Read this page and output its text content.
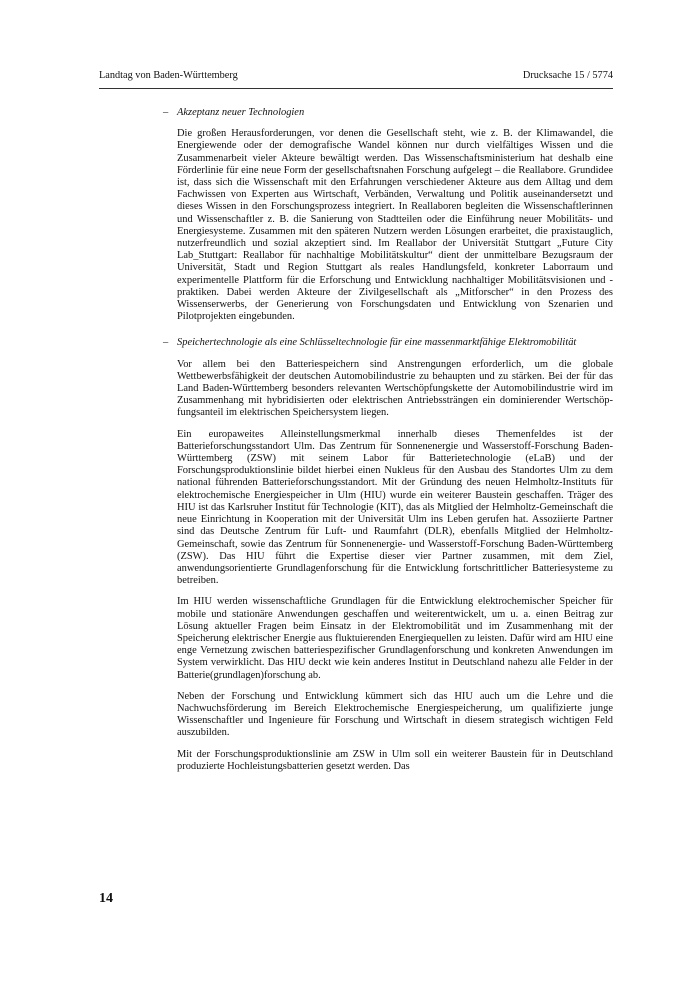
Landtag von Baden-Württemberg	Drucksache 15 / 5774
– Akzeptanz neuer Technologien

Die großen Herausforderungen, vor denen die Gesellschaft steht, wie z. B. der Klimawandel, die Energiewende oder der demografische Wandel können nur durch vielfältiges Wissen und die Zusammenarbeit vieler Akteure bewältigt werden. Das Wissenschaftsministerium hat deshalb eine Förderlinie für eine neue Form der gesellschaftsnahen Forschung aufgelegt – die Reallabore. Grundidee ist, dass sich die Wissenschaft mit den Erfahrungen verschiedener Akteure aus dem Alltag und dem Fachwissen von Experten aus Wirtschaft, Verbänden, Verwaltung und Politik auseinandersetzt und dieses Wissen in den Forschungsprozess integriert. In Reallaboren begleiten die Wissenschaftlerinnen und Wissenschaftler z. B. die Sanierung von Stadtteilen oder die Einführung neuer Mobilitäts- und Energiesysteme. Zusammen mit den späteren Nutzern werden Lösungen erarbeitet, die praxistauglich, nutzerfreundlich und sozial akzeptiert sind. Im Reallabor der Universität Stuttgart „Future City Lab_Stuttgart: Reallabor für nachhaltige Mobilitätskultur“ dient der unmittelbare Bezugsraum der Universität, Stadt und Region Stuttgart als reales Handlungsfeld, konkreter Laborraum und experimentelle Plattform für die Erforschung und Entwicklung nachhaltiger Mobilitätsvisionen und -praktiken. Dabei werden Akteure der Zivilgesellschaft als „Mitforscher“ in den Prozess des Wissenserwerbs, der Generierung von Forschungsdaten und Entwicklung von Szenarien und Pilotprojekten eingebunden.

– Speichertechnologie als eine Schlüsseltechnologie für eine massenmarktfähige Elektromobilität

Vor allem bei den Batteriespeichern sind Anstrengungen erforderlich, um die globale Wettbewerbsfähigkeit der deutschen Automobilindustrie zu behaupten und zu stärken. Bei der für das Land Baden-Württemberg besonders relevanten Wertschöpfungskette der Automobilindustrie wird im Zusammenhang mit hybridisierten oder elektrischen Antriebssträngen ein dominierender Wertschöpfungsanteil im elektrischen Speichersystem liegen.

Ein europaweites Alleinstellungsmerkmal innerhalb dieses Themenfeldes ist der Batterieforschungsstandort Ulm. Das Zentrum für Sonnenenergie und Wasserstoff-Forschung Baden-Württemberg (ZSW) mit seinem Labor für Batterietechnologie (eLaB) und der Forschungsproduktionslinie bildet hierbei einen Nukleus für den Ausbau des Standortes Ulm zu dem national führenden Batterieforschungsstandort. Mit der Gründung des neuen Helmholtz-Instituts für elektrochemische Energiespeicher in Ulm (HIU) wurde ein weiterer Baustein geschaffen. Träger des HIU ist das Karlsruher Institut für Technologie (KIT), das als Mitglied der Helmholtz-Gemeinschaft die neue Einrichtung in Kooperation mit der Universität Ulm ins Leben gerufen hat. Assoziierte Partner sind das Deutsche Zentrum für Luft- und Raumfahrt (DLR), ebenfalls Mitglied der Helmholtz-Gemeinschaft, sowie das Zentrum für Sonnenenergie- und Wasserstoff-Forschung Baden-Württemberg (ZSW). Das HIU führt die Expertise dieser vier Partner zusammen, mit dem Ziel, anwendungsorientierte Grundlagenforschung für die Entwicklung fortschrittlicher Batteriesysteme zu betreiben.

Im HIU werden wissenschaftliche Grundlagen für die Entwicklung elektrochemischer Speicher für mobile und stationäre Anwendungen geschaffen und weiterentwickelt, um u. a. einen Beitrag zur Lösung aktueller Fragen beim Einsatz in der Elektromobilität und im Zusammenhang mit der Speicherung elektrischer Energie aus fluktuierenden Energiequellen zu leisten. Dafür wird am HIU eine enge Vernetzung zwischen batteriespezifischer Grundlagenforschung und konkreten Anwendungen im System verwirklicht. Das HIU deckt wie kein anderes Institut in Deutschland nahezu alle Felder in der Batterie(grundlagen)forschung ab.

Neben der Forschung und Entwicklung kümmert sich das HIU auch um die Lehre und die Nachwuchsförderung im Bereich Elektrochemische Energiespeicherung, um qualifizierte junge Wissenschaftler und Ingenieure für Forschung und Wirtschaft in diesem strategisch wichtigen Feld auszubilden.

Mit der Forschungsproduktionslinie am ZSW in Ulm soll ein weiterer Baustein für in Deutschland produzierte Hochleistungsbatterien gesetzt werden. Das

14
